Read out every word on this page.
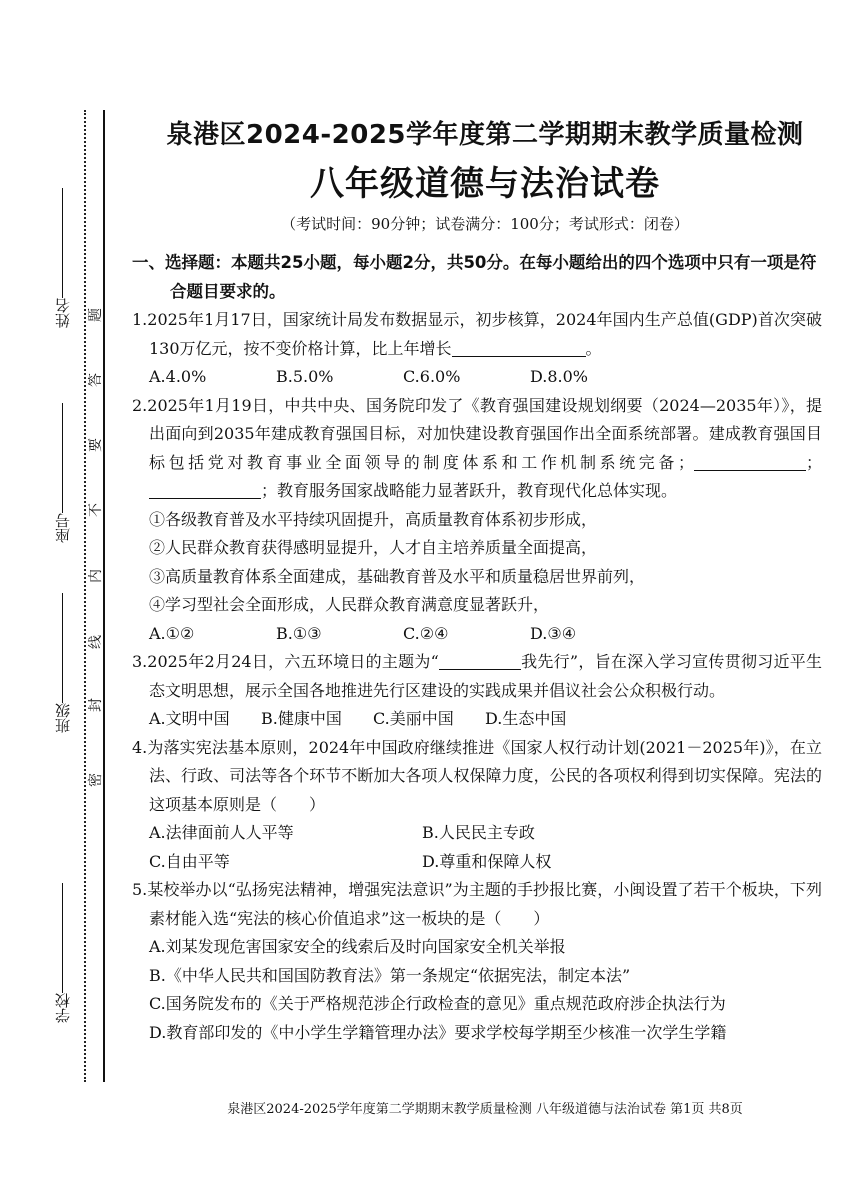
姓名
座号
班级
学校
密
封
线
内
不
要
答
题
泉港区2024-2025学年度第二学期期末教学质量检测
八年级道德与法治试卷
（考试时间：90分钟；试卷满分：100分；考试形式：闭卷）
一、选择题：本题共25小题，每小题2分，共50分。在每小题给出的四个选项中只有一项是符合题目要求的。
1.2025年1月17日，国家统计局发布数据显示，初步核算，2024年国内生产总值(GDP)首次突破130万亿元，按不变价格计算，比上年增长	。
A.4.0%	B.5.0%	C.6.0%	D.8.0%
2.2025年1月19日，中共中央、国务院印发了《教育强国建设规划纲要（2024—2035年）》，提出面向到2035年建成教育强国目标，对加快建设教育强国作出全面系统部署。建成教育强国目标包括党对教育事业全面领导的制度体系和工作机制系统完备；	；；教育服务国家战略能力显著跃升，教育现代化总体实现。
①各级教育普及水平持续巩固提升，高质量教育体系初步形成，
②人民群众教育获得感明显提升，人才自主培养质量全面提高，
③高质量教育体系全面建成，基础教育普及水平和质量稳居世界前列，
④学习型社会全面形成，人民群众教育满意度显著跃升，
A.①②	B.①③	C.②④	D.③④
3.2025年2月24日，六五环境日的主题为“	我先行”，旨在深入学习宣传贯彻习近平生态文明思想，展示全国各地推进先行区建设的实践成果并倡议社会公众积极行动。
A.文明中国	B.健康中国	C.美丽中国	D.生态中国
4.为落实宪法基本原则，2024年中国政府继续推进《国家人权行动计划(2021－2025年)》，在立法、行政、司法等各个环节不断加大各项人权保障力度，公民的各项权利得到切实保障。宪法的这项基本原则是（　　）
A.法律面前人人平等	B.人民民主专政
C.自由平等	D.尊重和保障人权
5.某校举办以“弘扬宪法精神，增强宪法意识”为主题的手抄报比赛，小闽设置了若干个板块，下列素材能入选“宪法的核心价值追求”这一板块的是（　　）
A.刘某发现危害国家安全的线索后及时向国家安全机关举报
B.《中华人民共和国国防教育法》第一条规定“依据宪法，制定本法”
C.国务院发布的《关于严格规范涉企行政检查的意见》重点规范政府涉企执法行为
D.教育部印发的《中小学生学籍管理办法》要求学校每学期至少核准一次学生学籍
泉港区2024-2025学年度第二学期期末教学质量检测 八年级道德与法治试卷 第1页 共8页
